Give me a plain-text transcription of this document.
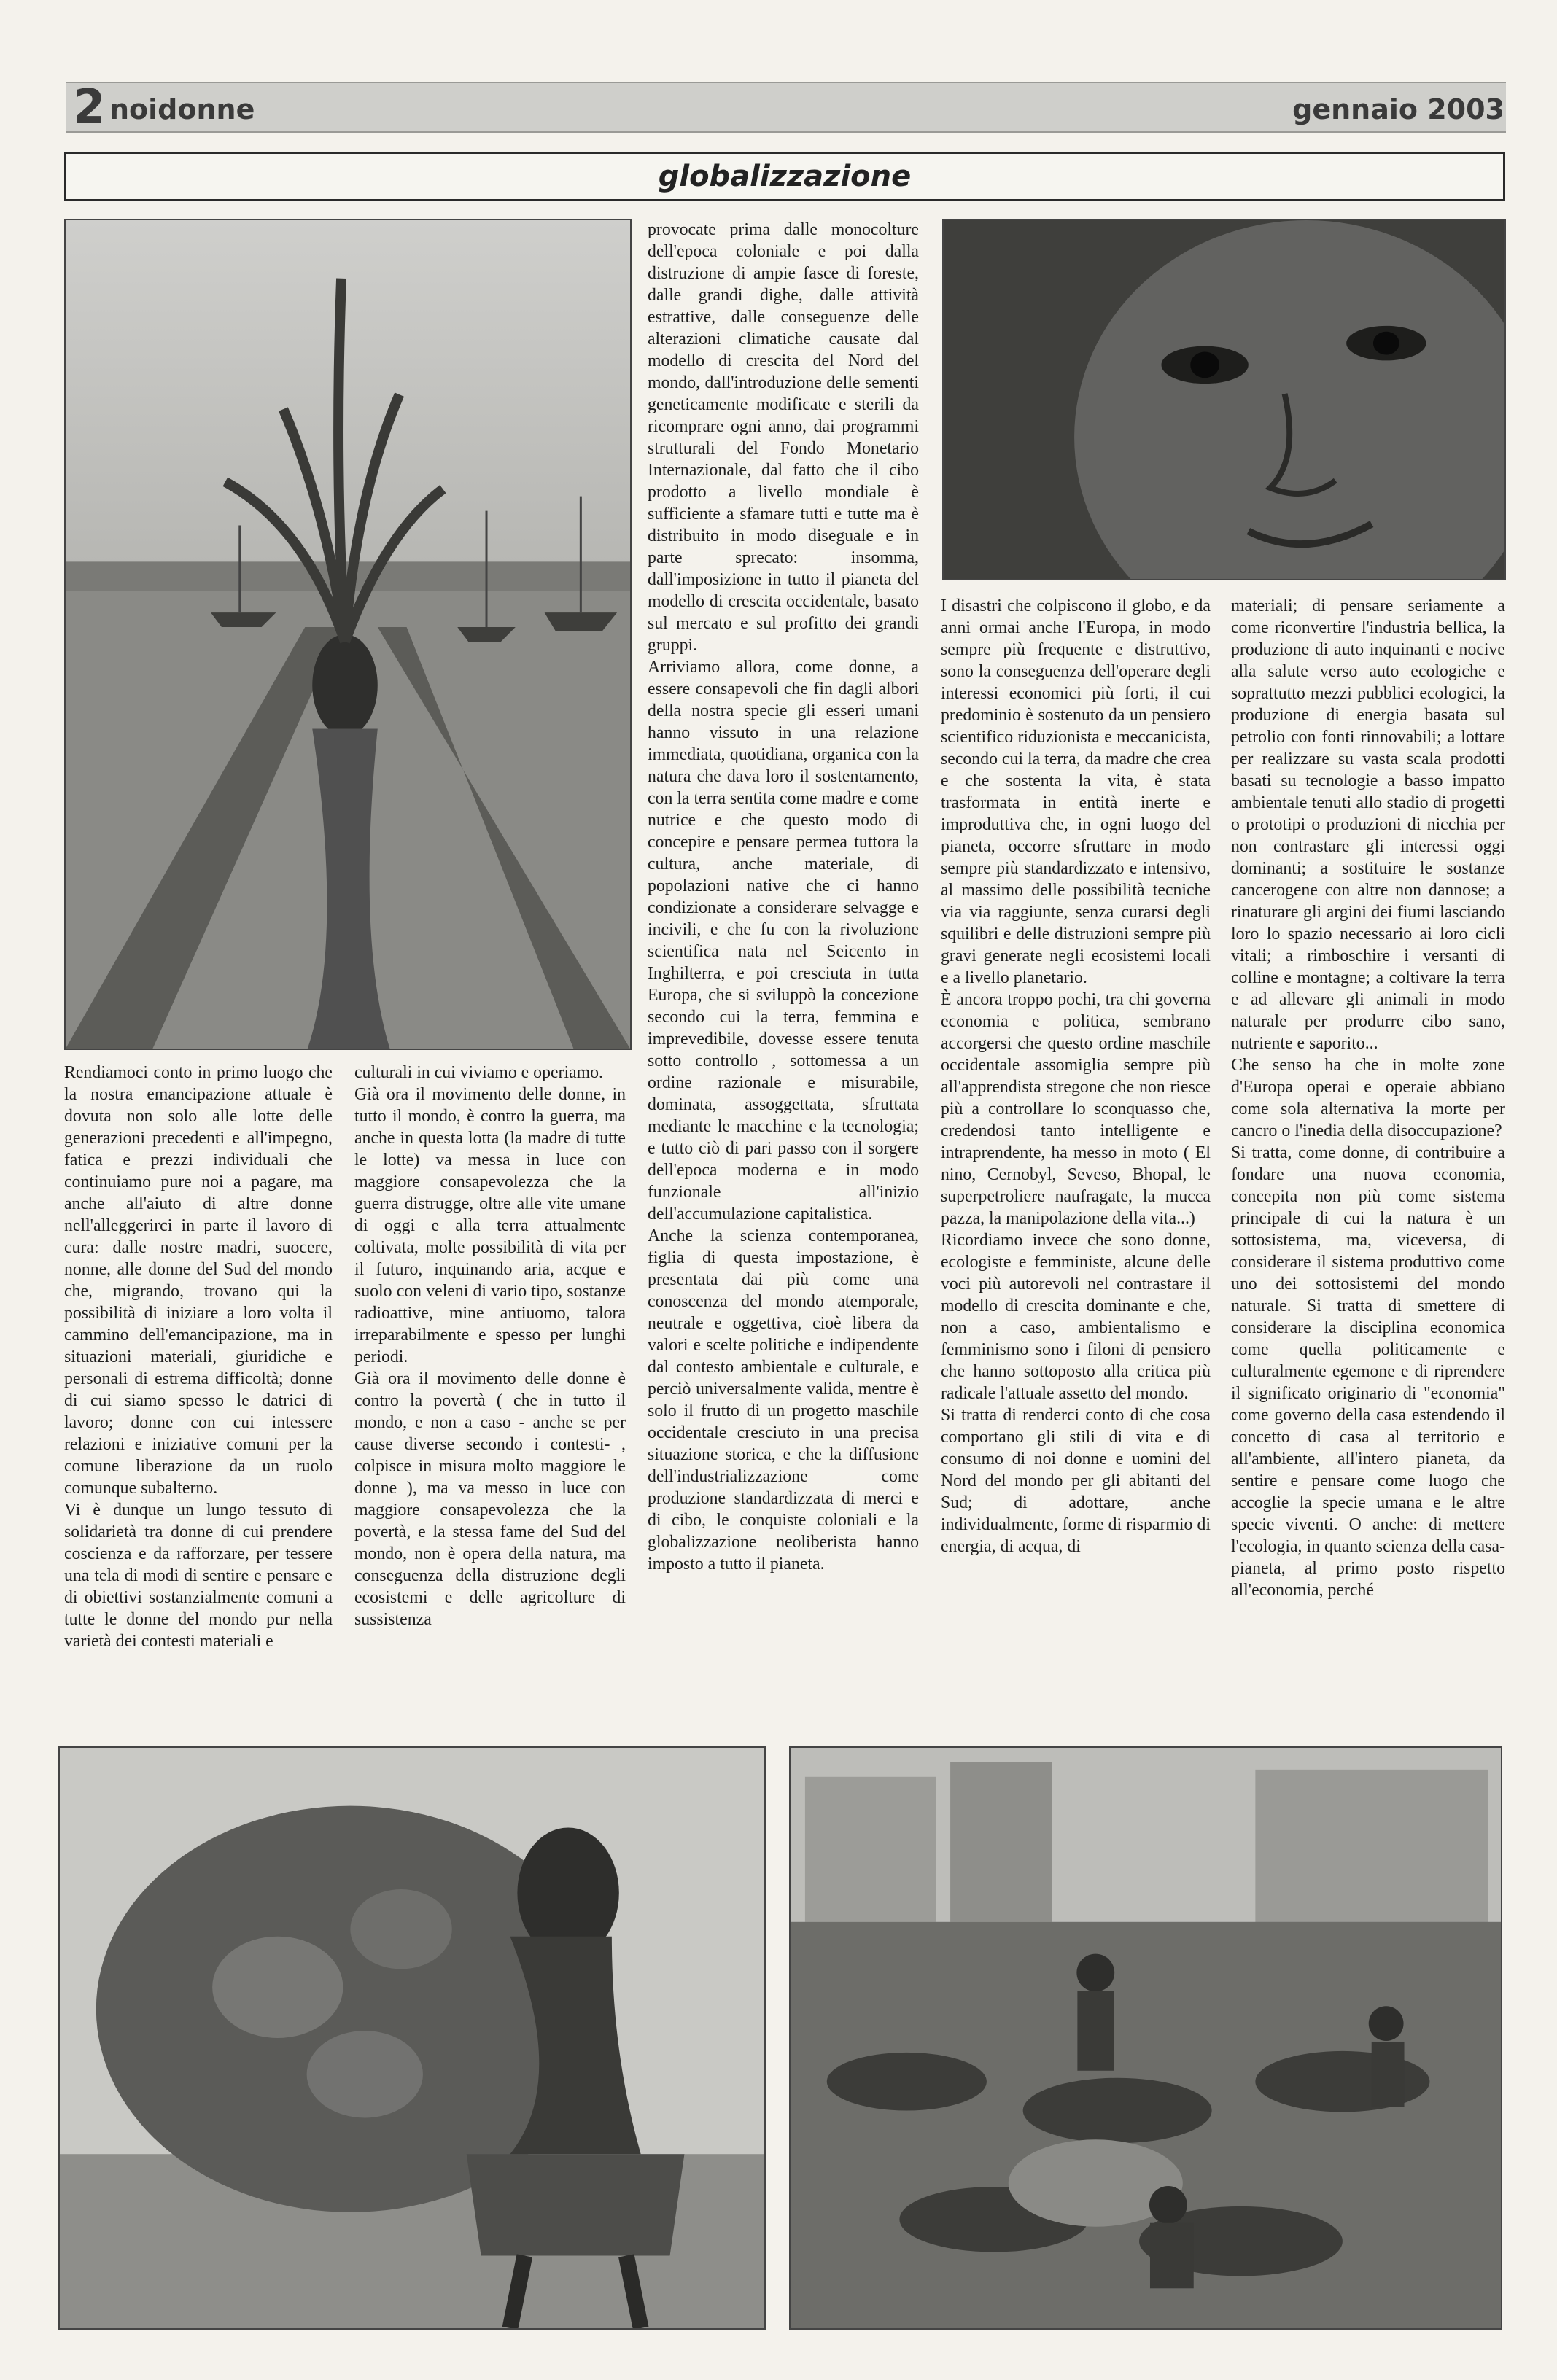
2 noidonne	gennaio 2003
globalizzazione

Rendiamoci conto in primo luogo che la nostra emancipazione attuale è dovuta non solo alle lotte delle generazioni precedenti e all'impegno, fatica e prezzi individuali che continuiamo pure noi a pagare, ma anche all'aiuto di altre donne nell'alleggerirci in parte il lavoro di cura: dalle nostre madri, suocere, nonne, alle donne del Sud del mondo che, migrando, trovano qui la possibilità di iniziare a loro volta il cammino dell'emancipazione, ma in situazioni materiali, giuridiche e personali di estrema difficoltà; donne di cui siamo spesso le datrici di lavoro; donne con cui intessere relazioni e iniziative comuni per la comune liberazione da un ruolo comunque subalterno.

Vi è dunque un lungo tessuto di solidarietà tra donne di cui prendere coscienza e da rafforzare, per tessere una tela di modi di sentire e pensare e di obiettivi sostanzialmente comuni a tutte le donne del mondo pur nella varietà dei contesti materiali e

culturali in cui viviamo e operiamo.

Già ora il movimento delle donne, in tutto il mondo, è contro la guerra, ma anche in questa lotta (la madre di tutte le lotte) va messa in luce con maggiore consapevolezza che la guerra distrugge, oltre alle vite umane di oggi e alla terra attualmente coltivata, molte possibilità di vita per il futuro, inquinando aria, acque e suolo con veleni di vario tipo, sostanze radioattive, mine antiuomo, talora irreparabilmente e spesso per lunghi periodi.

Già ora il movimento delle donne è contro la povertà ( che in tutto il mondo, e non a caso - anche se per cause diverse secondo i contesti- , colpisce in misura molto maggiore le donne ), ma va messo in luce con maggiore consapevolezza che la povertà, e la stessa fame del Sud del mondo, non è opera della natura, ma conseguenza della distruzione degli ecosistemi e delle agricolture di sussistenza

provocate prima dalle monocolture dell'epoca coloniale e poi dalla distruzione di ampie fasce di foreste, dalle grandi dighe, dalle attività estrattive, dalle conseguenze delle alterazioni climatiche causate dal modello di crescita del Nord del mondo, dall'introduzione delle sementi geneticamente modificate e sterili da ricomprare ogni anno, dai programmi strutturali del Fondo Monetario Internazionale, dal fatto che il cibo prodotto a livello mondiale è sufficiente a sfamare tutti e tutte ma è distribuito in modo diseguale e in parte sprecato: insomma, dall'imposizione in tutto il pianeta del modello di crescita occidentale, basato sul mercato e sul profitto dei grandi gruppi.

Arriviamo allora, come donne, a essere consapevoli che fin dagli albori della nostra specie gli esseri umani hanno vissuto in una relazione immediata, quotidiana, organica con la natura che dava loro il sostentamento, con la terra sentita come madre e come nutrice e che questo modo di concepire e pensare permea tuttora la cultura, anche materiale, di popolazioni native che ci hanno condizionate a considerare selvagge e incivili, e che fu con la rivoluzione scientifica nata nel Seicento in Inghilterra, e poi cresciuta in tutta Europa, che si sviluppò la concezione secondo cui la terra, femmina e imprevedibile, dovesse essere tenuta sotto controllo , sottomessa a un ordine razionale e misurabile, dominata, assoggettata, sfruttata mediante le macchine e la tecnologia; e tutto ciò di pari passo con il sorgere dell'epoca moderna e in modo funzionale all'inizio dell'accumulazione capitalistica.

Anche la scienza contemporanea, figlia di questa impostazione, è presentata dai più come una conoscenza del mondo atemporale, neutrale e oggettiva, cioè libera da valori e scelte politiche e indipendente dal contesto ambientale e culturale, e perciò universalmente valida, mentre è solo il frutto di un progetto maschile occidentale cresciuto in una precisa situazione storica, e che la diffusione dell'industrializzazione come produzione standardizzata di merci e di cibo, le conquiste coloniali e la globalizzazione neoliberista hanno imposto a tutto il pianeta.

I disastri che colpiscono il globo, e da anni ormai anche l'Europa, in modo sempre più frequente e distruttivo, sono la conseguenza dell'operare degli interessi economici più forti, il cui predominio è sostenuto da un pensiero scientifico riduzionista e meccanicista, secondo cui la terra, da madre che crea e che sostenta la vita, è stata trasformata in entità inerte e improduttiva che, in ogni luogo del pianeta, occorre sfruttare in modo sempre più standardizzato e intensivo, al massimo delle possibilità tecniche via via raggiunte, senza curarsi degli squilibri e delle distruzioni sempre più gravi generate negli ecosistemi locali e a livello planetario.

È ancora troppo pochi, tra chi governa economia e politica, sembrano accorgersi che questo ordine maschile occidentale assomiglia sempre più all'apprendista stregone che non riesce più a controllare lo sconquasso che, credendosi tanto intelligente e intraprendente, ha messo in moto ( El nino, Cernobyl, Seveso, Bhopal, le superpetroliere naufragate, la mucca pazza, la manipolazione della vita...)

Ricordiamo invece che sono donne, ecologiste e femministe, alcune delle voci più autorevoli nel contrastare il modello di crescita dominante e che, non a caso, ambientalismo e femminismo sono i filoni di pensiero che hanno sottoposto alla critica più radicale l'attuale assetto del mondo.

Si tratta di renderci conto di che cosa comportano gli stili di vita e di consumo di noi donne e uomini del Nord del mondo per gli abitanti del Sud; di adottare, anche individualmente, forme di risparmio di energia, di acqua, di

materiali; di pensare seriamente a come riconvertire l'industria bellica, la produzione di auto inquinanti e nocive alla salute verso auto ecologiche e soprattutto mezzi pubblici ecologici, la produzione di energia basata sul petrolio con fonti rinnovabili; a lottare per realizzare su vasta scala prodotti basati su tecnologie a basso impatto ambientale tenuti allo stadio di progetti o prototipi o produzioni di nicchia per non contrastare gli interessi oggi dominanti; a sostituire le sostanze cancerogene con altre non dannose; a rinaturare gli argini dei fiumi lasciando loro lo spazio necessario ai loro cicli vitali; a rimboschire i versanti di colline e montagne; a coltivare la terra e ad allevare gli animali in modo naturale per produrre cibo sano, nutriente e saporito...

Che senso ha che in molte zone d'Europa operai e operaie abbiano come sola alternativa la morte per cancro o l'inedia della disoccupazione?

Si tratta, come donne, di contribuire a fondare una nuova economia, concepita non più come sistema principale di cui la natura è un sottosistema, ma, viceversa, di considerare il sistema produttivo come uno dei sottosistemi del mondo naturale. Si tratta di smettere di considerare la disciplina economica come quella politicamente e culturalmente egemone e di riprendere il significato originario di "economia" come governo della casa estendendo il concetto di casa al territorio e all'ambiente, all'intero pianeta, da sentire e pensare come luogo che accoglie la specie umana e le altre specie viventi. O anche: di mettere l'ecologia, in quanto scienza della casa-pianeta, al primo posto rispetto all'economia, perché
